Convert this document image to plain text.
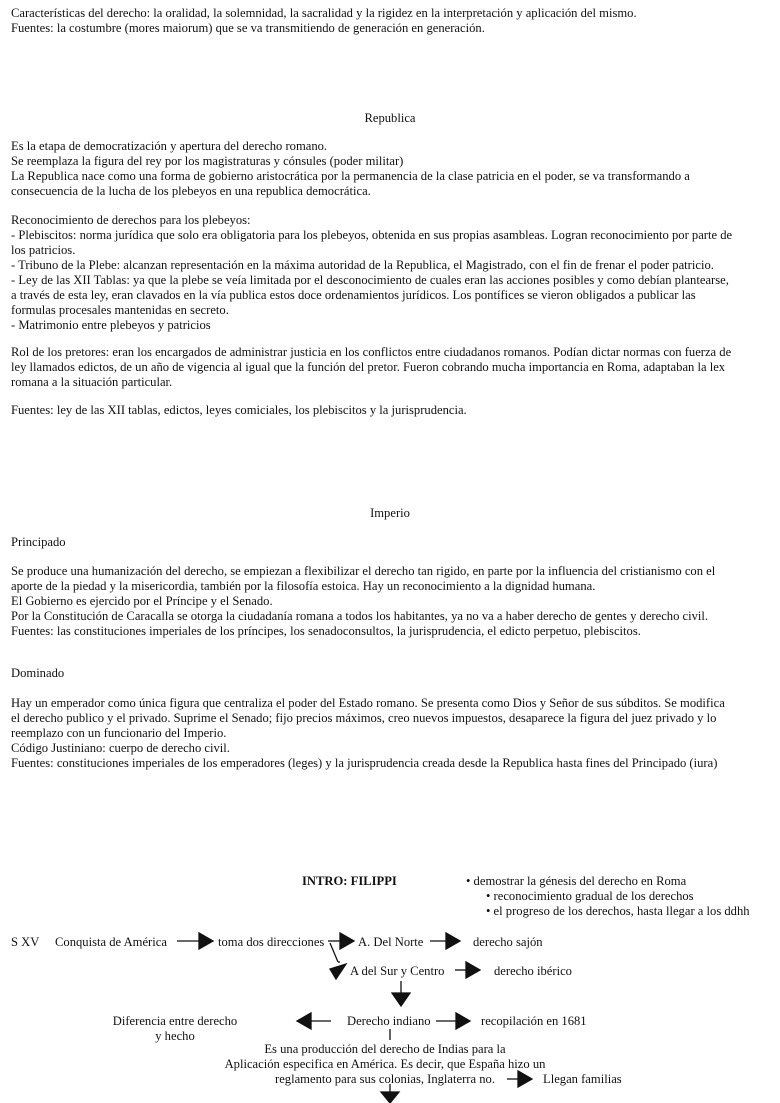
Características del derecho: la oralidad, la solemnidad, la sacralidad y la rigidez en la interpretación y aplicación del mismo.
Fuentes: la costumbre (mores maiorum) que se va transmitiendo de generación en generación.
Republica
Es la etapa de democratización y apertura del derecho romano.
Se reemplaza la figura del rey por los magistraturas y cónsules (poder militar)
La Republica nace como una forma de gobierno aristocrática por la permanencia de la clase patricia en el poder, se va transformando a
consecuencia de la lucha de los plebeyos en una republica democrática.
Reconocimiento de derechos para los plebeyos:
- Plebiscitos: norma jurídica que solo era obligatoria para los plebeyos, obtenida en sus propias asambleas. Logran reconocimiento por parte de
los patricios.
- Tribuno de la Plebe: alcanzan representación en la máxima autoridad de la Republica, el Magistrado, con el fin de frenar el poder patricio.
- Ley de las XII Tablas: ya que la plebe se veía limitada por el desconocimiento de cuales eran las acciones posibles y como debían plantearse,
a través de esta ley, eran clavados en la vía publica estos doce ordenamientos jurídicos. Los pontífices se vieron obligados a publicar las
formulas procesales mantenidas en secreto.
- Matrimonio entre plebeyos y patricios
Rol de los pretores: eran los encargados de administrar justicia en los conflictos entre ciudadanos romanos. Podían dictar normas con fuerza de
ley llamados edictos, de un año de vigencia al igual que la función del pretor. Fueron cobrando mucha importancia en Roma, adaptaban la lex
romana a la situación particular.
Fuentes: ley de las XII tablas, edictos, leyes comiciales, los plebiscitos y la jurisprudencia.
Imperio
Principado
Se produce una humanización del derecho, se empiezan a flexibilizar el derecho tan rigido, en parte por la influencia del cristianismo con el
aporte de la piedad y la misericordia, también por la filosofía estoica. Hay un reconocimiento a la dignidad humana.
El Gobierno es ejercido por el Príncipe y el Senado.
Por la Constitución de Caracalla se otorga la ciudadanía romana a todos los habitantes, ya no va a haber derecho de gentes y derecho civil.
Fuentes: las constituciones imperiales de los príncipes, los senadoconsultos, la jurisprudencia, el edicto perpetuo, plebiscitos.
Dominado
Hay un emperador como única figura que centraliza el poder del Estado romano. Se presenta como Dios y Señor de sus súbditos. Se modifica
el derecho publico y el privado. Suprime el Senado; fijo precios máximos, creo nuevos impuestos, desaparece la figura del juez privado y lo
reemplazo con un funcionario del Imperio.
Código Justiniano: cuerpo de derecho civil.
Fuentes: constituciones imperiales de los emperadores (leges) y la jurisprudencia creada desde la Republica hasta fines del Principado (iura)
INTRO: FILIPPI	• demostrar la génesis del derecho en Roma
• reconocimiento gradual de los derechos
• el progreso de los derechos, hasta llegar a los ddhh
S XV Conquista de América	toma dos direcciones	A. Del Norte	derecho sajón
A del Sur y Centro	derecho ibérico
Diferencia entre derecho
y hecho
Derecho indiano	recopilación en 1681
Es una producción del derecho de Indias para la
Aplicación especifica en América. Es decir, que España hizo un
reglamento para sus colonias, Inglaterra no.	Llegan familias
